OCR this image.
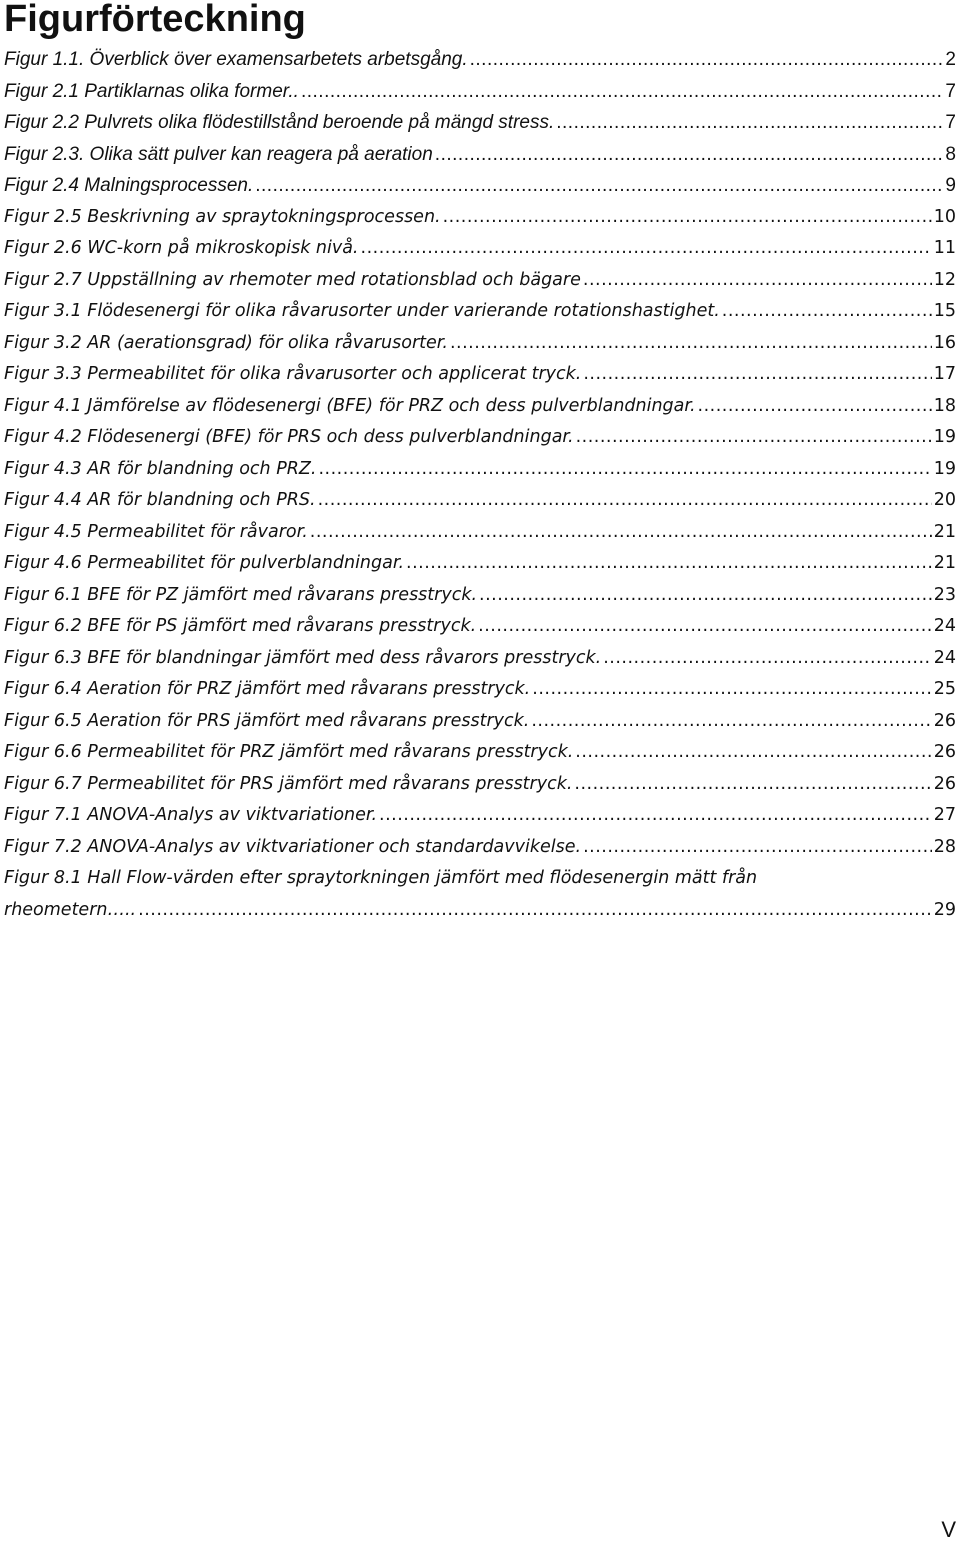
Figurförteckning
Figur 1.1. Överblick över examensarbetets arbetsgång. .....	2
Figur 2.1 Partiklarnas olika former.. .....	7
Figur 2.2 Pulvrets olika flödestillstånd beroende på mängd stress. .....	7
Figur 2.3. Olika sätt pulver kan reagera på aeration .....	8
Figur 2.4 Malningsprocessen. .....	9
Figur 2.5 Beskrivning av spraytokningsprocessen. .....	10
Figur 2.6 WC-korn på mikroskopisk nivå. .....	11
Figur 2.7 Uppställning av rhemoter med rotationsblad och bägare .....	12
Figur 3.1 Flödesenergi för olika råvarusorter under varierande rotationshastighet. .....	15
Figur 3.2 AR (aerationsgrad) för olika råvarusorter. .....	16
Figur 3.3 Permeabilitet för olika råvarusorter och applicerat tryck. .....	17
Figur 4.1 Jämförelse av flödesenergi (BFE) för PRZ och dess pulverblandningar. .....	18
Figur 4.2 Flödesenergi (BFE) för PRS och dess pulverblandningar. .....	19
Figur 4.3 AR för blandning och PRZ. .....	19
Figur 4.4 AR för blandning och PRS. .....	20
Figur 4.5 Permeabilitet för råvaror. .....	21
Figur 4.6 Permeabilitet för pulverblandningar. .....	21
Figur 6.1 BFE för PZ jämfört med råvarans presstryck. .....	23
Figur 6.2 BFE för PS jämfört med råvarans presstryck. .....	24
Figur 6.3 BFE för blandningar jämfört med dess råvarors presstryck. .....	24
Figur 6.4 Aeration för PRZ jämfört med råvarans presstryck. .....	25
Figur 6.5 Aeration för PRS jämfört med råvarans presstryck. .....	26
Figur 6.6 Permeabilitet för PRZ jämfört med råvarans presstryck. .....	26
Figur 6.7 Permeabilitet för PRS jämfört med råvarans presstryck. .....	26
Figur 7.1 ANOVA-Analys av viktvariationer. .....	27
Figur 7.2 ANOVA-Analys av viktvariationer och standardavvikelse. .....	28
Figur 8.1 Hall Flow-värden efter spraytorkningen jämfört med flödesenergin mätt från
rheometern….. .....	29
V
